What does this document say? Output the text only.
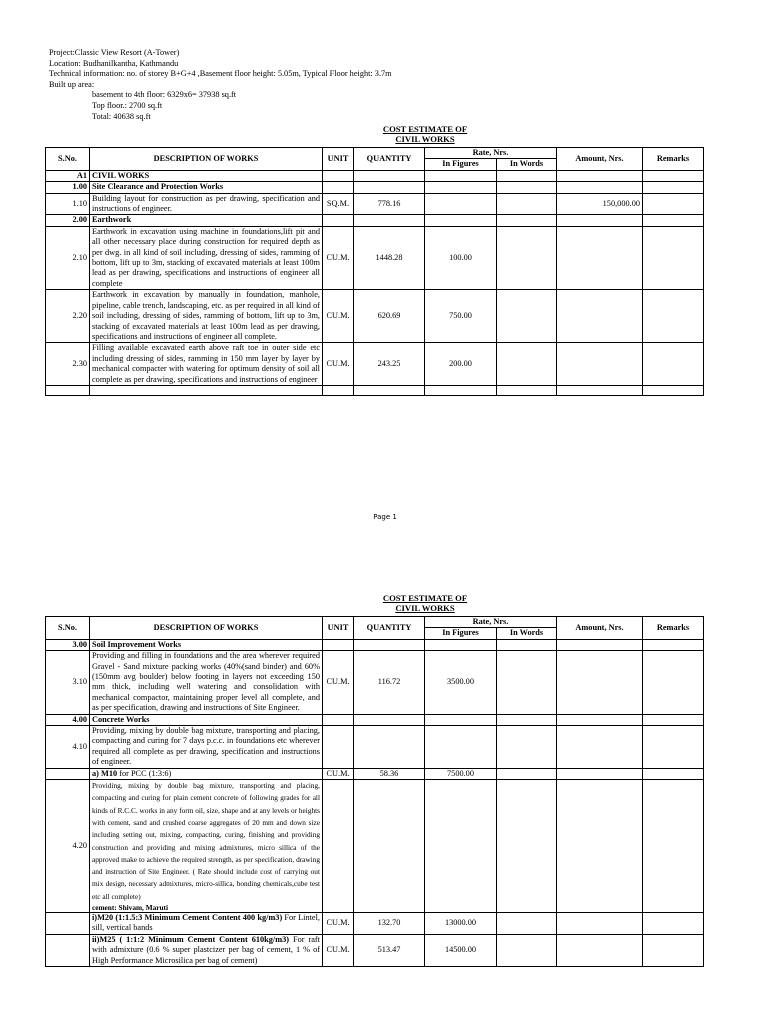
Project:Classic View Resort (A-Tower)
Location: Budhanilkantha, Kathmandu
Technical information: no. of storey B+G+4 ,Basement floor height: 5.05m, Typical Floor height: 3.7m
Built up area:
basement to 4th floor: 6329x6= 37938 sq.ft
Top floor.: 2700 sq.ft
Total: 40638 sq.ft
COST ESTIMATE OF
CIVIL WORKS
S.No.	DESCRIPTION OF WORKS	UNIT	QUANTITY	Rate, Nrs.		Amount, Nrs.	Remarks
				In Figures	In Words		
A1	CIVIL WORKS						
1.00	Site Clearance and Protection Works						
1.10	Building layout for construction as per drawing, specification and instructions of engineer.	SQ.M.	778.16			150,000.00	
2.00	Earthwork						
2.10	Earthwork in excavation using machine in foundations,lift pit and all other necessary place during construction for required depth as per dwg. in all kind of soil including, dressing of sides, ramming of bottom, lift up to 3m, stacking of excavated materials at least 100m lead as per drawing, specifications and instructions of engineer all complete	CU.M.	1448.28	100.00			
2.20	Earthwork in excavation by manually in foundation, manhole, pipeline, cable trench, landscaping, etc. as per required in all kind of soil including, dressing of sides, ramming of bottom, lift up to 3m, stacking of excavated materials at least 100m lead as per drawing, specifications and instructions of engineer all complete.	CU.M.	620.69	750.00			
2.30	Filling available excavated earth above raft toe in outer side etc including dressing of sides, ramming in 150 mm layer by layer by mechanical compacter with watering for optimum density of soil all complete as per drawing, specifications and instructions of engineer	CU.M.	243.25	200.00			

Page 1
COST ESTIMATE OF
CIVIL WORKS
S.No.	DESCRIPTION OF WORKS	UNIT	QUANTITY	Rate, Nrs.		Amount, Nrs.	Remarks
				In Figures	In Words		
3.00	Soil Improvement Works						
3.10	Providing and filling in foundations and the area wherever required Gravel - Sand mixture packing works (40%(sand binder) and 60%(150mm avg boulder) below footing in layers not exceeding 150 mm thick, including well watering and consolidation with mechanical compactor, maintaining proper level all complete, and as per specification, drawing and instructions of Site Engineer.	CU.M.	116.72	3500.00			
4.00	Concrete Works						
4.10	Providing, mixing by double bag mixture, transporting and placing, compacting and curing for 7 days p.c.c. in foundations etc wherever required all complete as per drawing, specification and instructions of engineer.						
	a) M10 for PCC (1:3:6)	CU.M.	58.36	7500.00			
4.20	Providing, mixing by double bag mixture, transporting and placing, compacting and curing for plain cement concrete of following grades for all kinds of R.C.C. works in any form oil, size, shape and at any levels or heights with cement, sand and crushed coarse aggregates of 20 mm and down size including setting out, mixing, compacting, curing, finishing and providing construction and providing and mixing admixtures, micro sillica of the approved make to achieve the required strength, as per specification, drawing and instruction of Site Engineer. ( Rate should include cost of carrying out mix design, necessary admixtures, micro-sillica, bonding chemicals,cube test etc all complete)
cement: Shivam, Maruti						

	i)M20 (1:1.5:3 Minimum Cement Content 400 kg/m3) For Lintel, sill, vertical bands	CU.M.	132.70	13000.00			
	ii)M25 ( 1:1:2 Minimum Cement Content 610kg/m3) For raft with admixture (0.6 % super plastcizer per bag of cement, 1 % of High Performance Microsilica per bag of cement)	CU.M.	513.47	14500.00			
